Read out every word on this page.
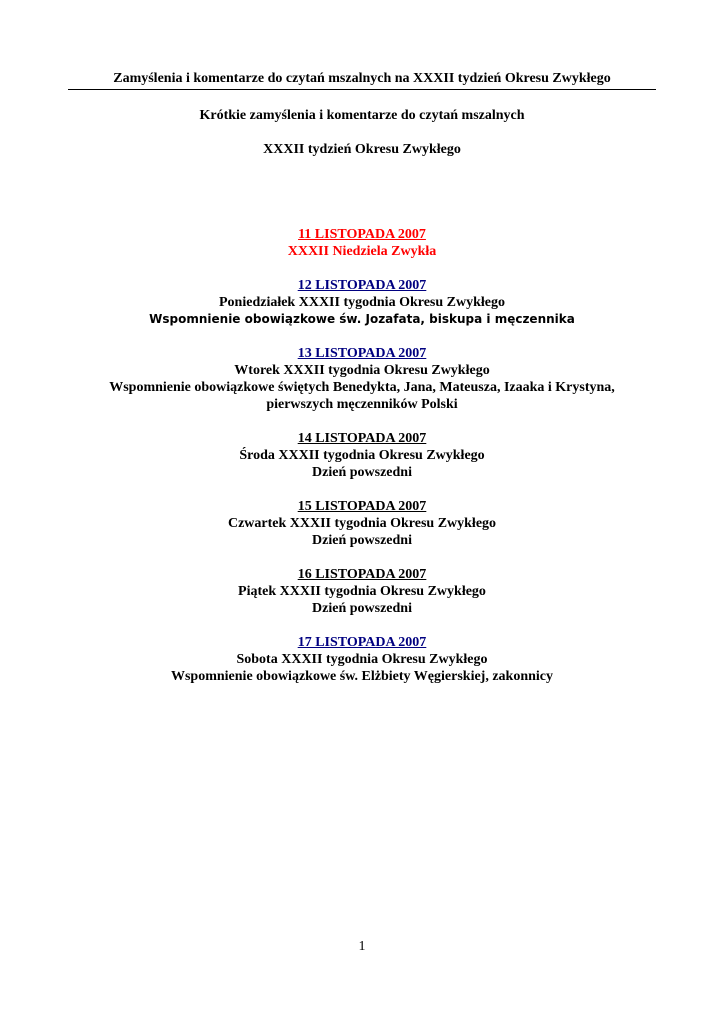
Zamyślenia i komentarze do czytań mszalnych na XXXII tydzień Okresu Zwykłego
Krótkie zamyślenia i komentarze do czytań mszalnych
XXXII tydzień Okresu Zwykłego
11 LISTOPADA 2007
XXXII Niedziela Zwykła
12 LISTOPADA 2007
Poniedziałek XXXII tygodnia Okresu Zwykłego
Wspomnienie obowiązkowe św. Jozafata, biskupa i męczennika
13 LISTOPADA 2007
Wtorek XXXII tygodnia Okresu Zwykłego
Wspomnienie obowiązkowe świętych Benedykta, Jana, Mateusza, Izaaka i Krystyna,
pierwszych męczenników Polski
14 LISTOPADA 2007
Środa XXXII tygodnia Okresu Zwykłego
Dzień powszedni
15 LISTOPADA 2007
Czwartek XXXII tygodnia Okresu Zwykłego
Dzień powszedni
16 LISTOPADA 2007
Piątek XXXII tygodnia Okresu Zwykłego
Dzień powszedni
17 LISTOPADA 2007
Sobota XXXII tygodnia Okresu Zwykłego
Wspomnienie obowiązkowe św. Elżbiety Węgierskiej, zakonnicy
1
